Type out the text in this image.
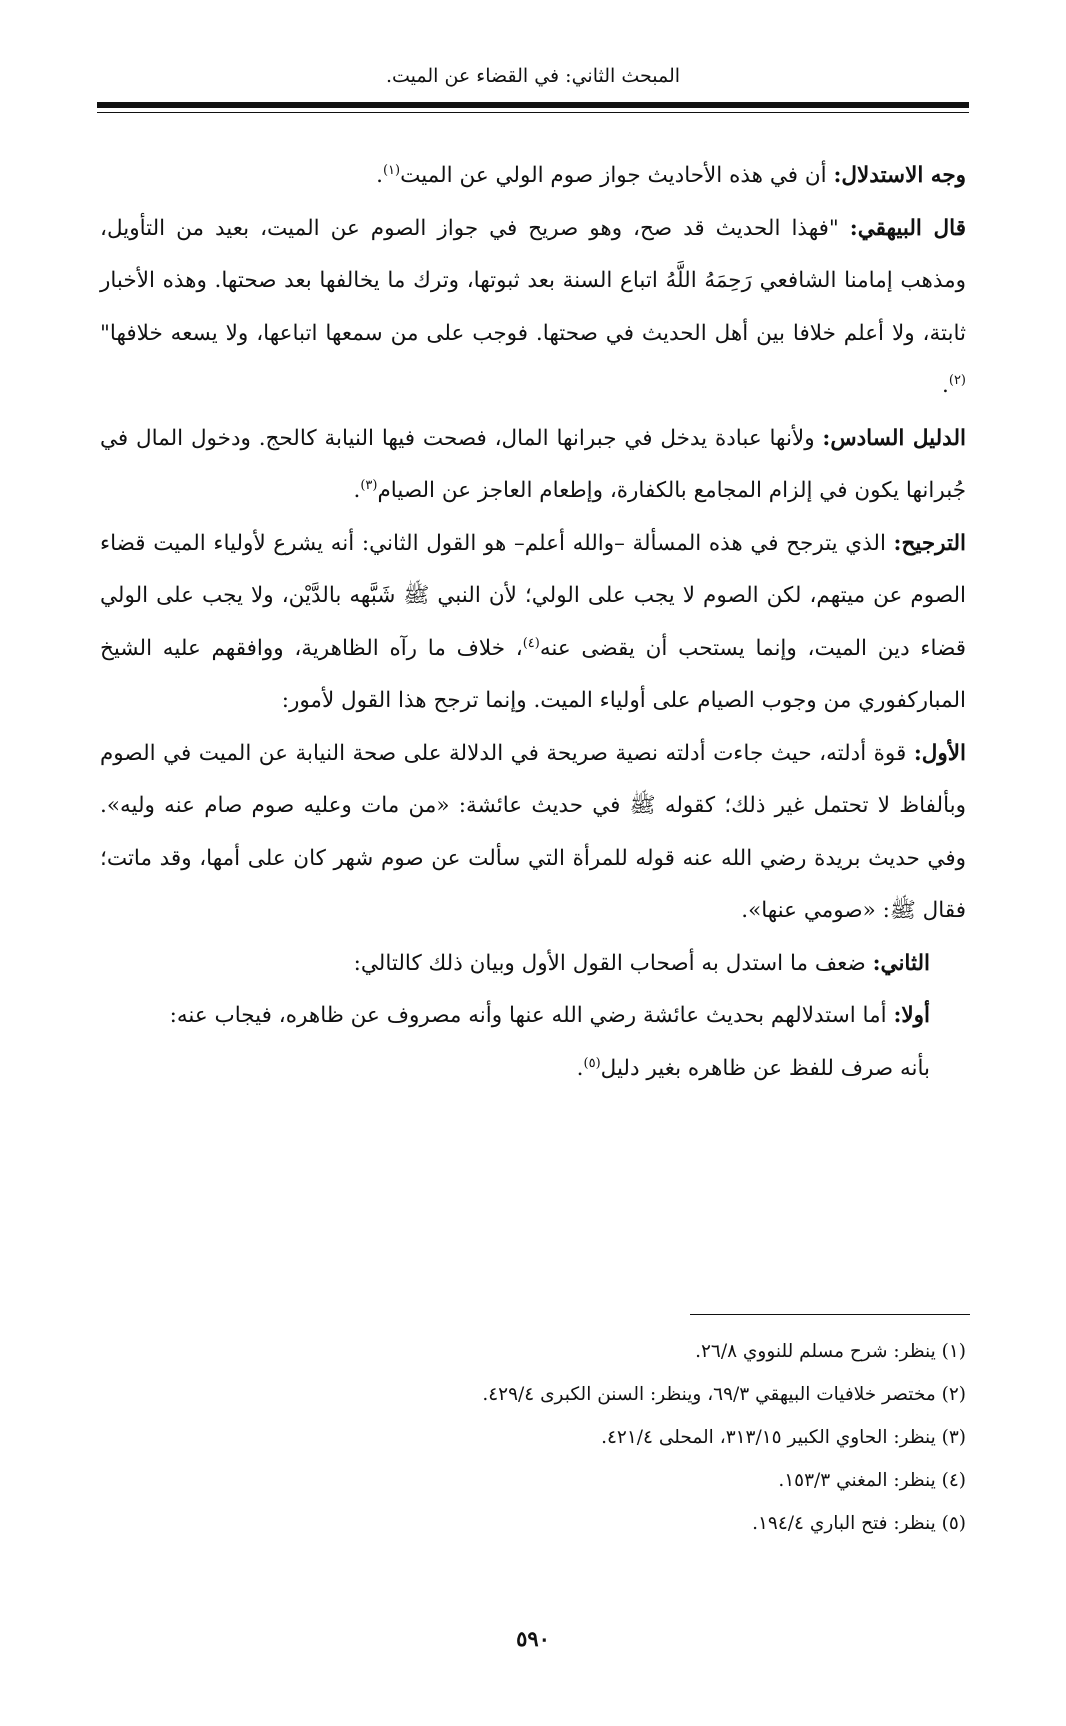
المبحث الثاني: في القضاء عن الميت.

وجه الاستدلال: أن في هذه الأحاديث جواز صوم الولي عن الميت$^{(١)}$.

قال البيهقي: "فهذا الحديث قد صح، وهو صريح في جواز الصوم عن الميت، بعيد من التأويل، ومذهب إمامنا الشافعي رَحِمَهُ اللَّهُ اتباع السنة بعد ثبوتها، وترك ما يخالفها بعد صحتها. وهذه الأخبار ثابتة، ولا أعلم خلافا بين أهل الحديث في صحتها. فوجب على من سمعها اتباعها، ولا يسعه خلافها"$^{(٢)}$.

الدليل السادس: ولأنها عبادة يدخل في جبرانها المال، فصحت فيها النيابة كالحج. ودخول المال في جُبرانها يكون في إلزام المجامع بالكفارة، وإطعام العاجز عن الصيام$^{(٣)}$.

الترجيح: الذي يترجح في هذه المسألة –والله أعلم– هو القول الثاني: أنه يشرع لأولياء الميت قضاء الصوم عن ميتهم، لكن الصوم لا يجب على الولي؛ لأن النبي ﷺ شَبَّهه بالدَّيْن، ولا يجب على الولي قضاء دين الميت، وإنما يستحب أن يقضى عنه$^{(٤)}$، خلاف ما رآه الظاهرية، ووافقهم عليه الشيخ المباركفوري من وجوب الصيام على أولياء الميت. وإنما ترجح هذا القول لأمور:

الأول: قوة أدلته، حيث جاءت أدلته نصية صريحة في الدلالة على صحة النيابة عن الميت في الصوم وبألفاظ لا تحتمل غير ذلك؛ كقوله ﷺ في حديث عائشة: «من مات وعليه صوم صام عنه وليه». وفي حديث بريدة رضي الله عنه قوله للمرأة التي سألت عن صوم شهر كان على أمها، وقد ماتت؛ فقال ﷺ: «صومي عنها».

الثاني: ضعف ما استدل به أصحاب القول الأول وبيان ذلك كالتالي:

أولا: أما استدلالهم بحديث عائشة رضي الله عنها وأنه مصروف عن ظاهره، فيجاب عنه:

بأنه صرف للفظ عن ظاهره بغير دليل$^{(٥)}$.

(١) ينظر: شرح مسلم للنووي ٢٦/٨.

(٢) مختصر خلافيات البيهقي ٦٩/٣، وينظر: السنن الكبرى ٤٢٩/٤.

(٣) ينظر: الحاوي الكبير ٣١٣/١٥، المحلى ٤٢١/٤.

(٤) ينظر: المغني ١٥٣/٣.

(٥) ينظر: فتح الباري ١٩٤/٤.

٥٩٠
